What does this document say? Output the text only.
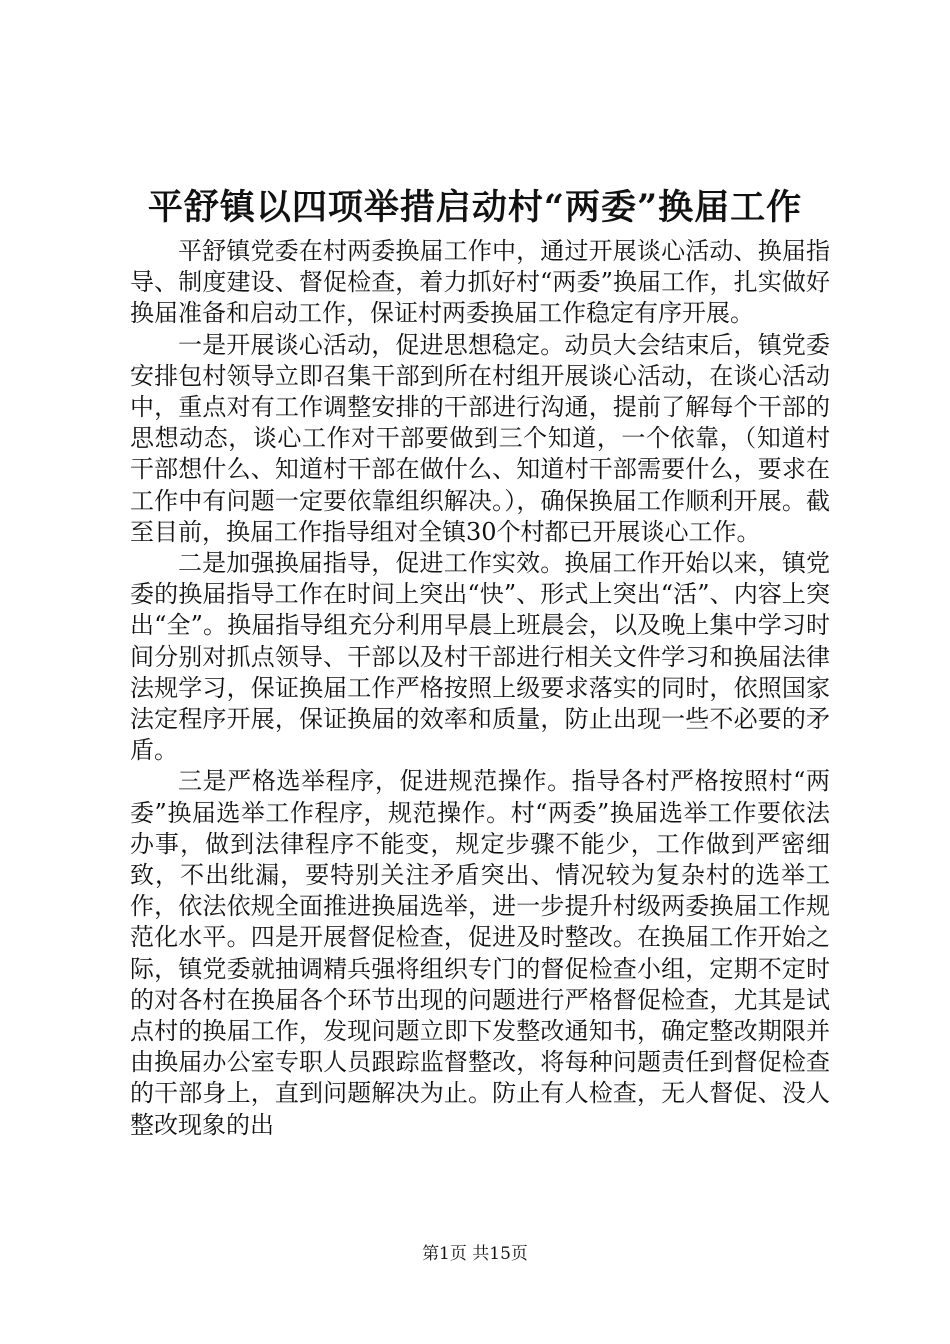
平舒镇以四项举措启动村“两委”换届工作

平舒镇党委在村两委换届工作中，通过开展谈心活动、换届指导、制度建设、督促检查，着力抓好村“两委”换届工作，扎实做好换届准备和启动工作，保证村两委换届工作稳定有序开展。

一是开展谈心活动，促进思想稳定。动员大会结束后，镇党委安排包村领导立即召集干部到所在村组开展谈心活动，在谈心活动中，重点对有工作调整安排的干部进行沟通，提前了解每个干部的思想动态，谈心工作对干部要做到三个知道，一个依靠，（知道村干部想什么、知道村干部在做什么、知道村干部需要什么，要求在工作中有问题一定要依靠组织解决。），确保换届工作顺利开展。截至目前，换届工作指导组对全镇30个村都已开展谈心工作。

二是加强换届指导，促进工作实效。换届工作开始以来，镇党委的换届指导工作在时间上突出“快”、形式上突出“活”、内容上突出“全”。换届指导组充分利用早晨上班晨会，以及晚上集中学习时间分别对抓点领导、干部以及村干部进行相关文件学习和换届法律法规学习，保证换届工作严格按照上级要求落实的同时，依照国家法定程序开展，保证换届的效率和质量，防止出现一些不必要的矛盾。

三是严格选举程序，促进规范操作。指导各村严格按照村“两委”换届选举工作程序，规范操作。村“两委”换届选举工作要依法办事，做到法律程序不能变，规定步骤不能少，工作做到严密细致，不出纰漏，要特别关注矛盾突出、情况较为复杂村的选举工作，依法依规全面推进换届选举，进一步提升村级两委换届工作规范化水平。四是开展督促检查，促进及时整改。在换届工作开始之际，镇党委就抽调精兵强将组织专门的督促检查小组，定期不定时的对各村在换届各个环节出现的问题进行严格督促检查，尤其是试点村的换届工作，发现问题立即下发整改通知书，确定整改期限并由换届办公室专职人员跟踪监督整改，将每种问题责任到督促检查的干部身上，直到问题解决为止。防止有人检查，无人督促、没人整改现象的出

第1页 共15页
